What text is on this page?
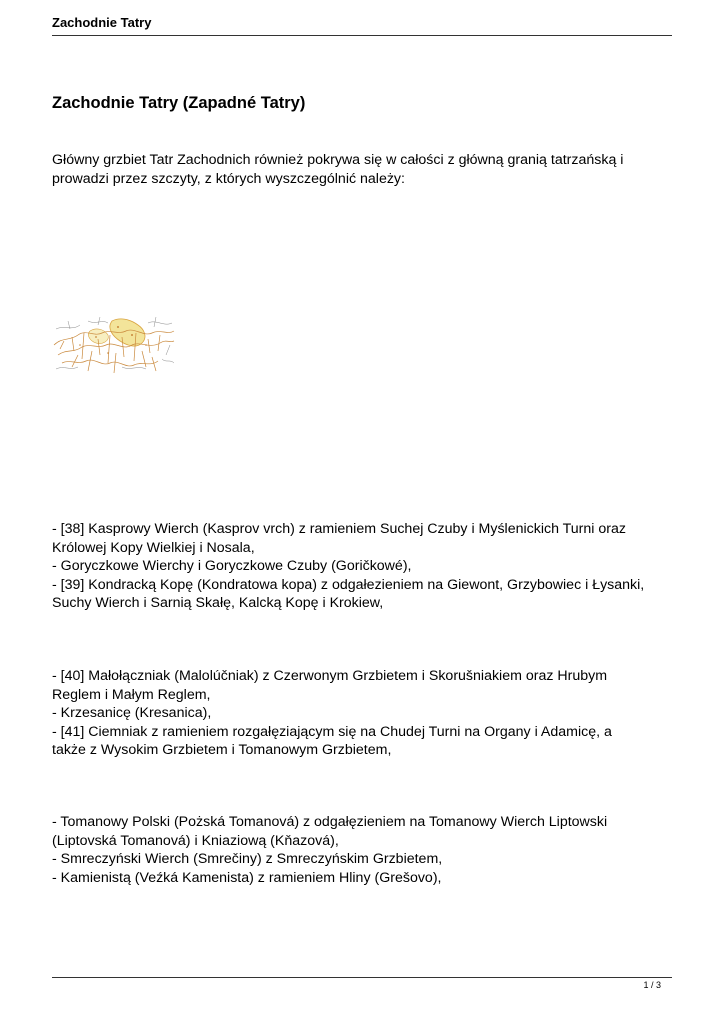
Zachodnie Tatry
Zachodnie Tatry (Zapadné Tatry)

Główny grzbiet Tatr Zachodnich również pokrywa się w całości z główną granią tatrzańską i
prowadzi przez szczyty, z których wyszczególnić należy:

- [38] Kasprowy Wierch (Kasprov vrch) z ramieniem Suchej Czuby i Myślenickich Turni oraz
Królowej Kopy Wielkiej i Nosala,
- Goryczkowe Wierchy i Goryczkowe Czuby (Goričkowé),
- [39] Kondracką Kopę (Kondratowa kopa) z odgałezieniem na Giewont, Grzybowiec i Łysanki,
Suchy Wierch i Sarnią Skałę, Kalcką Kopę i Krokiew,

- [40] Małołączniak (Malolúčniak) z Czerwonym Grzbietem i Skorušniakiem oraz Hrubym
Reglem i Małym Reglem,
- Krzesanicę (Kresanica),
- [41] Ciemniak z ramieniem rozgałęziającym się na Chudej Turni na Organy i Adamicę, a
także z Wysokim Grzbietem i Tomanowym Grzbietem,

- Tomanowy Polski (Pożská Tomanová) z odgałęzieniem na Tomanowy Wierch Liptowski
(Liptovská Tomanová) i Kniaziową (Kňazová),
- Smreczyński Wierch (Smrečiny) z Smreczyńskim Grzbietem,
- Kamienistą (Veźká Kamenista) z ramieniem Hliny (Grešovo),

1 / 3
